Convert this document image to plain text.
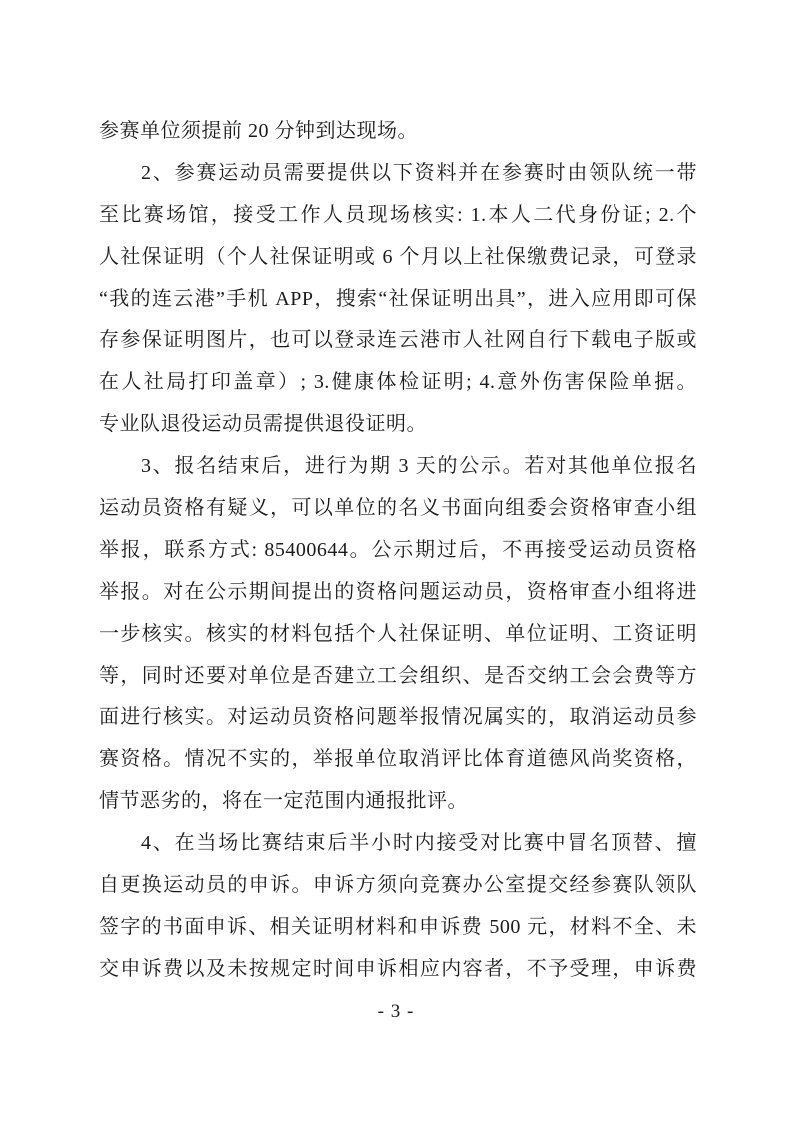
参赛单位须提前 20 分钟到达现场。
2、参赛运动员需要提供以下资料并在参赛时由领队统一带
至比赛场馆，接受工作人员现场核实: 1.本人二代身份证; 2.个
人社保证明（个人社保证明或 6 个月以上社保缴费记录，可登录
“我的连云港”手机 APP，搜索“社保证明出具”，进入应用即可保
存参保证明图片，也可以登录连云港市人社网自行下载电子版或
在人社局打印盖章）; 3.健康体检证明; 4.意外伤害保险单据。
专业队退役运动员需提供退役证明。
3、报名结束后，进行为期 3 天的公示。若对其他单位报名
运动员资格有疑义，可以单位的名义书面向组委会资格审查小组
举报，联系方式: 85400644。公示期过后，不再接受运动员资格
举报。对在公示期间提出的资格问题运动员，资格审查小组将进
一步核实。核实的材料包括个人社保证明、单位证明、工资证明
等，同时还要对单位是否建立工会组织、是否交纳工会会费等方
面进行核实。对运动员资格问题举报情况属实的，取消运动员参
赛资格。情况不实的，举报单位取消评比体育道德风尚奖资格，
情节恶劣的，将在一定范围内通报批评。
4、在当场比赛结束后半小时内接受对比赛中冒名顶替、擅
自更换运动员的申诉。申诉方须向竞赛办公室提交经参赛队领队
签字的书面申诉、相关证明材料和申诉费 500 元，材料不全、未
交申诉费以及未按规定时间申诉相应内容者，不予受理，申诉费
- 3 -
